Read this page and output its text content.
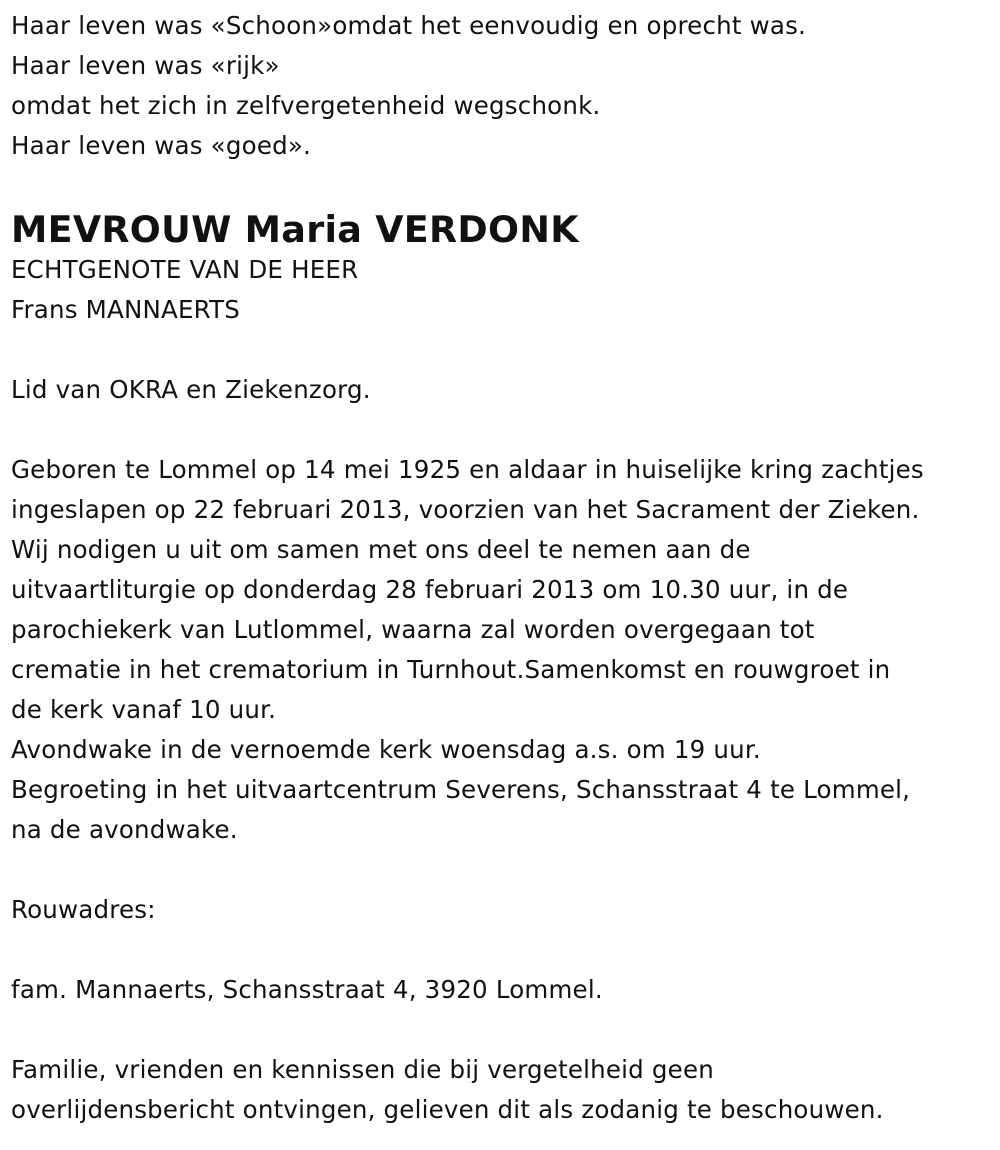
Haar leven was «Schoon»omdat het eenvoudig en oprecht was.
Haar leven was «rijk»
omdat het zich in zelfvergetenheid wegschonk.
Haar leven was «goed».
MEVROUW Maria VERDONK
ECHTGENOTE VAN DE HEER
Frans MANNAERTS
Lid van OKRA en Ziekenzorg.
Geboren te Lommel op 14 mei 1925 en aldaar in huiselijke kring zachtjes
ingeslapen op 22 februari 2013, voorzien van het Sacrament der Zieken.
Wij nodigen u uit om samen met ons deel te nemen aan de
uitvaartliturgie op donderdag 28 februari 2013 om 10.30 uur, in de
parochiekerk van Lutlommel, waarna zal worden overgegaan tot
crematie in het crematorium in Turnhout.Samenkomst en rouwgroet in
de kerk vanaf 10 uur.
Avondwake in de vernoemde kerk woensdag a.s. om 19 uur.
Begroeting in het uitvaartcentrum Severens, Schansstraat 4 te Lommel,
na de avondwake.
Rouwadres:
fam. Mannaerts, Schansstraat 4, 3920 Lommel.
Familie, vrienden en kennissen die bij vergetelheid geen
overlijdensbericht ontvingen, gelieven dit als zodanig te beschouwen.
